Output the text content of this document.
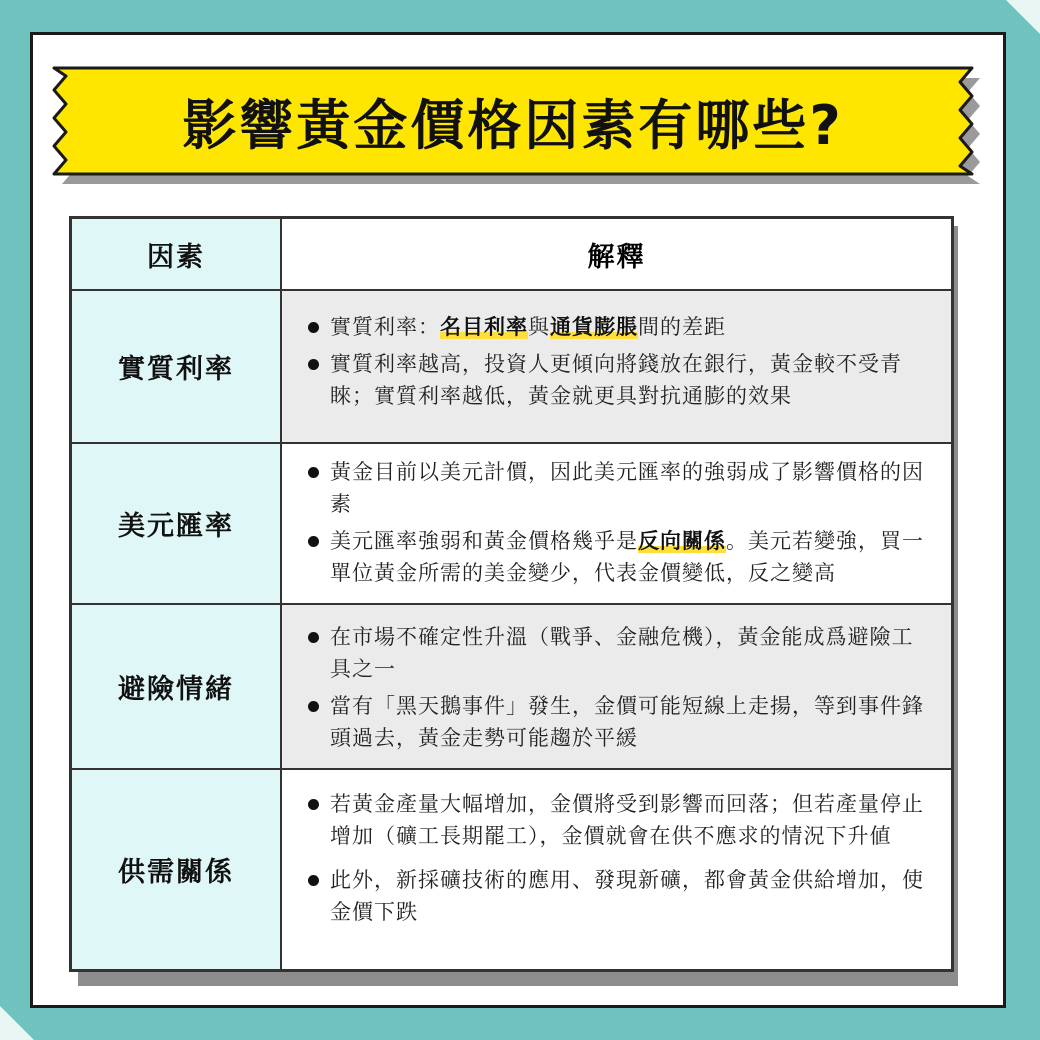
影響黃金價格因素有哪些?
因素	解釋
實質利率
實質利率：名目利率與通貨膨脹間的差距
實質利率越高，投資人更傾向將錢放在銀行，黃金較不受青睞；實質利率越低，黃金就更具對抗通膨的效果
美元匯率
黃金目前以美元計價，因此美元匯率的強弱成了影響價格的因素
美元匯率強弱和黃金價格幾乎是反向關係。美元若變強，買一單位黃金所需的美金變少，代表金價變低，反之變高
避險情緒
在市場不確定性升溫（戰爭、金融危機），黃金能成爲避險工具之一
當有「黑天鵝事件」發生，金價可能短線上走揚，等到事件鋒頭過去，黃金走勢可能趨於平緩
供需關係
若黃金產量大幅增加，金價將受到影響而回落；但若產量停止增加（礦工長期罷工），金價就會在供不應求的情況下升値
此外，新採礦技術的應用、發現新礦，都會黃金供給增加，使金價下跌
